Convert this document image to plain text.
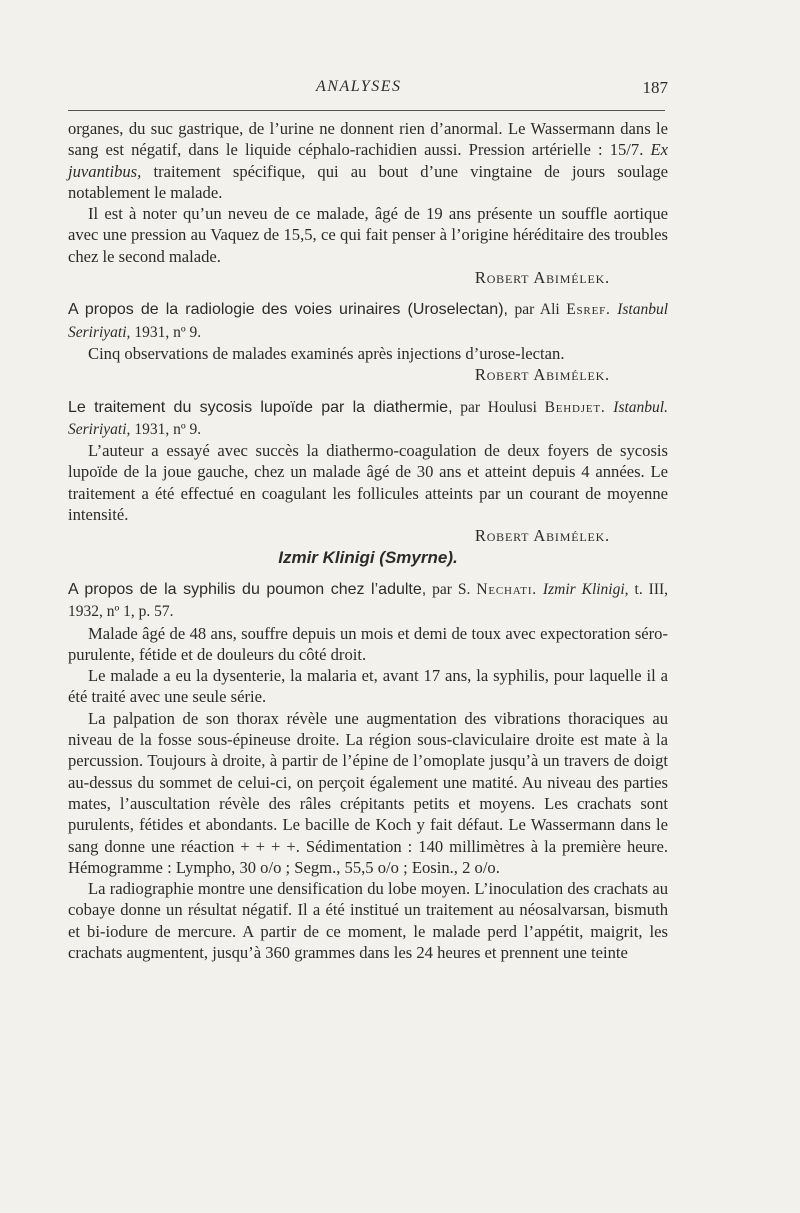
ANALYSES	187

organes, du suc gastrique, de l’urine ne donnent rien d’anormal. Le Wassermann dans le sang est négatif, dans le liquide céphalo-rachidien aussi. Pression artérielle : 15/7. Ex juvantibus, traitement spécifique, qui au bout d’une vingtaine de jours soulage notablement le malade.

Il est à noter qu’un neveu de ce malade, âgé de 19 ans présente un souffle aortique avec une pression au Vaquez de 15,5, ce qui fait penser à l’origine héréditaire des troubles chez le second malade.

Robert Abimélek.

A propos de la radiologie des voies urinaires (Uroselectan), par Ali Esref. Istanbul Seririyati, 1931, nº 9.

Cinq observations de malades examinés après injections d’urose-lectan.

Robert Abimélek.

Le traitement du sycosis lupoïde par la diathermie, par Houlusi Behdjet. Istanbul. Seririyati, 1931, nº 9.

L’auteur a essayé avec succès la diathermo-coagulation de deux foyers de sycosis lupoïde de la joue gauche, chez un malade âgé de 30 ans et atteint depuis 4 années. Le traitement a été effectué en coagulant les follicules atteints par un courant de moyenne intensité.

Robert Abimélek.

Izmir Klinigi (Smyrne).

A propos de la syphilis du poumon chez l’adulte, par S. Nechati. Izmir Klinigi, t. III, 1932, nº 1, p. 57.

Malade âgé de 48 ans, souffre depuis un mois et demi de toux avec expectoration séro-purulente, fétide et de douleurs du côté droit.

Le malade a eu la dysenterie, la malaria et, avant 17 ans, la syphilis, pour laquelle il a été traité avec une seule série.

La palpation de son thorax révèle une augmentation des vibrations thoraciques au niveau de la fosse sous-épineuse droite. La région sous-claviculaire droite est mate à la percussion. Toujours à droite, à partir de l’épine de l’omoplate jusqu’à un travers de doigt au-dessus du sommet de celui-ci, on perçoit également une matité. Au niveau des parties mates, l’auscultation révèle des râles crépitants petits et moyens. Les crachats sont purulents, fétides et abondants. Le bacille de Koch y fait défaut. Le Wassermann dans le sang donne une réaction + + + +. Sédimentation : 140 millimètres à la première heure. Hémogramme : Lympho, 30 o/o ; Segm., 55,5 o/o ; Eosin., 2 o/o.

La radiographie montre une densification du lobe moyen. L’inoculation des crachats au cobaye donne un résultat négatif. Il a été institué un traitement au néosalvarsan, bismuth et bi-iodure de mercure. A partir de ce moment, le malade perd l’appétit, maigrit, les crachats augmentent, jusqu’à 360 grammes dans les 24 heures et prennent une teinte
